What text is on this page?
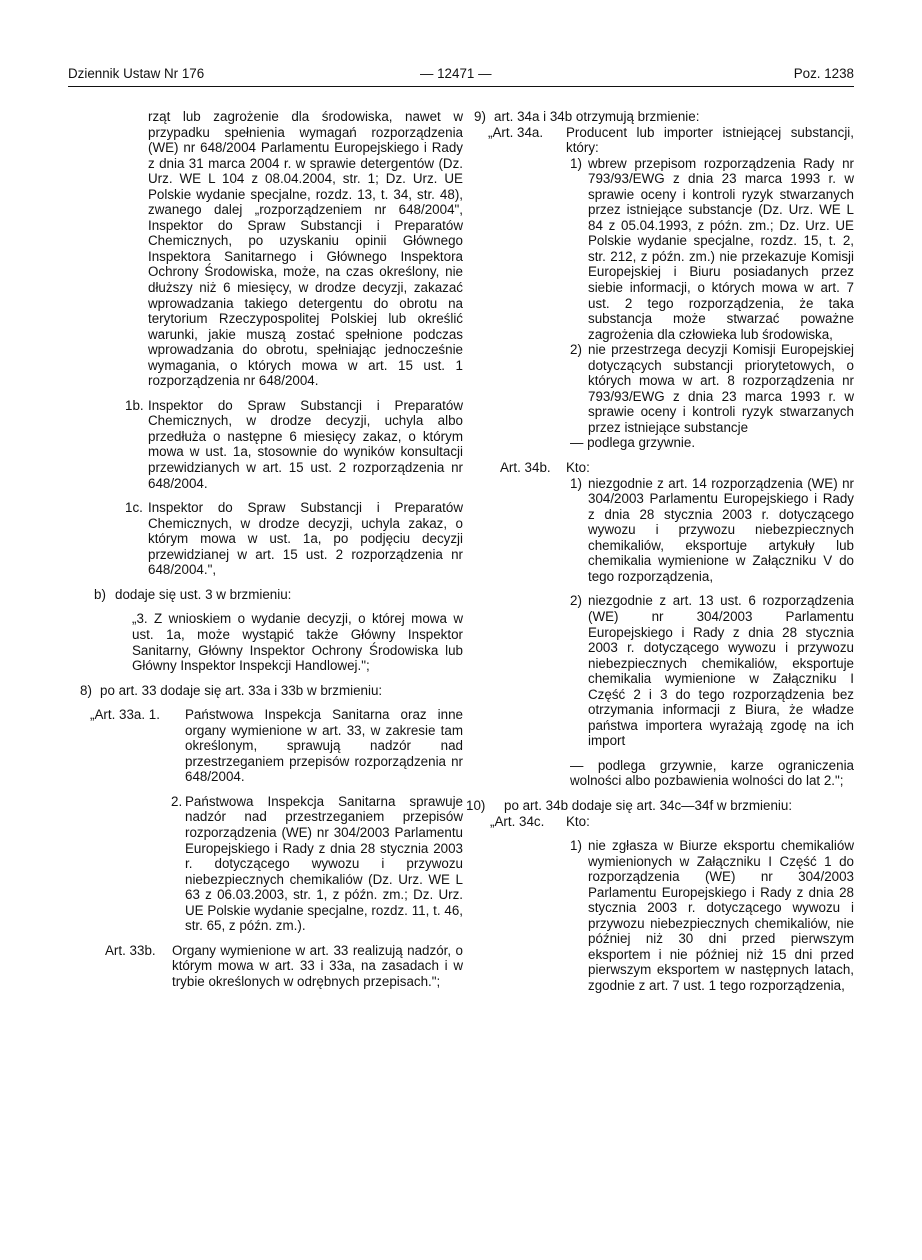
Dziennik Ustaw Nr 176	— 12471 —	Poz. 1238

rząt lub zagrożenie dla środowiska, nawet w przypadku spełnienia wymagań rozporządzenia (WE) nr 648/2004 Parlamentu Europejskiego i Rady z dnia 31 marca 2004 r. w sprawie detergentów (Dz. Urz. WE L 104 z 08.04.2004, str. 1; Dz. Urz. UE Polskie wydanie specjalne, rozdz. 13, t. 34, str. 48), zwanego dalej „rozporządzeniem nr 648/2004", Inspektor do Spraw Substancji i Preparatów Chemicznych, po uzyskaniu opinii Głównego Inspektora Sanitarnego i Głównego Inspektora Ochrony Środowiska, może, na czas określony, nie dłuższy niż 6 miesięcy, w drodze decyzji, zakazać wprowadzania takiego detergentu do obrotu na terytorium Rzeczypospolitej Polskiej lub określić warunki, jakie muszą zostać spełnione podczas wprowadzania do obrotu, spełniając jednocześnie wymagania, o których mowa w art. 15 ust. 1 rozporządzenia nr 648/2004.

1b. Inspektor do Spraw Substancji i Preparatów Chemicznych, w drodze decyzji, uchyla albo przedłuża o następne 6 miesięcy zakaz, o którym mowa w ust. 1a, stosownie do wyników konsultacji przewidzianych w art. 15 ust. 2 rozporządzenia nr 648/2004.

1c. Inspektor do Spraw Substancji i Preparatów Chemicznych, w drodze decyzji, uchyla zakaz, o którym mowa w ust. 1a, po podjęciu decyzji przewidzianej w art. 15 ust. 2 rozporządzenia nr 648/2004.",

b) dodaje się ust. 3 w brzmieniu:

„3. Z wnioskiem o wydanie decyzji, o której mowa w ust. 1a, może wystąpić także Główny Inspektor Sanitarny, Główny Inspektor Ochrony Środowiska lub Główny Inspektor Inspekcji Handlowej.";

8) po art. 33 dodaje się art. 33a i 33b w brzmieniu:

„Art. 33a. 1. Państwowa Inspekcja Sanitarna oraz inne organy wymienione w art. 33, w zakresie tam określonym, sprawują nadzór nad przestrzeganiem przepisów rozporządzenia nr 648/2004.

2. Państwowa Inspekcja Sanitarna sprawuje nadzór nad przestrzeganiem przepisów rozporządzenia (WE) nr 304/2003 Parlamentu Europejskiego i Rady z dnia 28 stycznia 2003 r. dotyczącego wywozu i przywozu niebezpiecznych chemikaliów (Dz. Urz. WE L 63 z 06.03.2003, str. 1, z późn. zm.; Dz. Urz. UE Polskie wydanie specjalne, rozdz. 11, t. 46, str. 65, z późn. zm.).

Art. 33b. Organy wymienione w art. 33 realizują nadzór, o którym mowa w art. 33 i 33a, na zasadach i w trybie określonych w odrębnych przepisach.";

9) art. 34a i 34b otrzymują brzmienie:

„Art. 34a. Producent lub importer istniejącej substancji, który:

1) wbrew przepisom rozporządzenia Rady nr 793/93/EWG z dnia 23 marca 1993 r. w sprawie oceny i kontroli ryzyk stwarzanych przez istniejące substancje (Dz. Urz. WE L 84 z 05.04.1993, z późn. zm.; Dz. Urz. UE Polskie wydanie specjalne, rozdz. 15, t. 2, str. 212, z późn. zm.) nie przekazuje Komisji Europejskiej i Biuru posiadanych przez siebie informacji, o których mowa w art. 7 ust. 2 tego rozporządzenia, że taka substancja może stwarzać poważne zagrożenia dla człowieka lub środowiska,

2) nie przestrzega decyzji Komisji Europejskiej dotyczących substancji priorytetowych, o których mowa w art. 8 rozporządzenia nr 793/93/EWG z dnia 23 marca 1993 r. w sprawie oceny i kontroli ryzyk stwarzanych przez istniejące substancje

— podlega grzywnie.

Art. 34b. Kto:

1) niezgodnie z art. 14 rozporządzenia (WE) nr 304/2003 Parlamentu Europejskiego i Rady z dnia 28 stycznia 2003 r. dotyczącego wywozu i przywozu niebezpiecznych chemikaliów, eksportuje artykuły lub chemikalia wymienione w Załączniku V do tego rozporządzenia,

2) niezgodnie z art. 13 ust. 6 rozporządzenia (WE) nr 304/2003 Parlamentu Europejskiego i Rady z dnia 28 stycznia 2003 r. dotyczącego wywozu i przywozu niebezpiecznych chemikaliów, eksportuje chemikalia wymienione w Załączniku I Część 2 i 3 do tego rozporządzenia bez otrzymania informacji z Biura, że władze państwa importera wyrażają zgodę na ich import

— podlega grzywnie, karze ograniczenia wolności albo pozbawienia wolności do lat 2.";

10) po art. 34b dodaje się art. 34c—34f w brzmieniu:

„Art. 34c. Kto:

1) nie zgłasza w Biurze eksportu chemikaliów wymienionych w Załączniku I Część 1 do rozporządzenia (WE) nr 304/2003 Parlamentu Europejskiego i Rady z dnia 28 stycznia 2003 r. dotyczącego wywozu i przywozu niebezpiecznych chemikaliów, nie później niż 30 dni przed pierwszym eksportem i nie później niż 15 dni przed pierwszym eksportem w następnych latach, zgodnie z art. 7 ust. 1 tego rozporządzenia,
